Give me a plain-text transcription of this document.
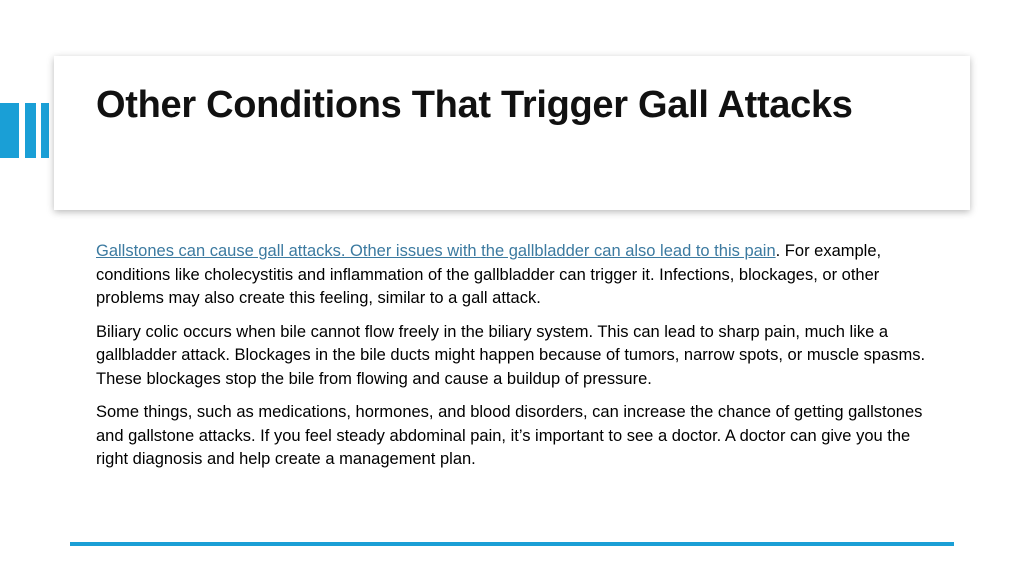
Other Conditions That Trigger Gall Attacks

Gallstones can cause gall attacks. Other issues with the gallbladder can also lead to this pain. For example, conditions like cholecystitis and inflammation of the gallbladder can trigger it. Infections, blockages, or other problems may also create this feeling, similar to a gall attack.

Biliary colic occurs when bile cannot flow freely in the biliary system. This can lead to sharp pain, much like a gallbladder attack. Blockages in the bile ducts might happen because of tumors, narrow spots, or muscle spasms. These blockages stop the bile from flowing and cause a buildup of pressure.

Some things, such as medications, hormones, and blood disorders, can increase the chance of getting gallstones and gallstone attacks. If you feel steady abdominal pain, it’s important to see a doctor. A doctor can give you the right diagnosis and help create a management plan.
